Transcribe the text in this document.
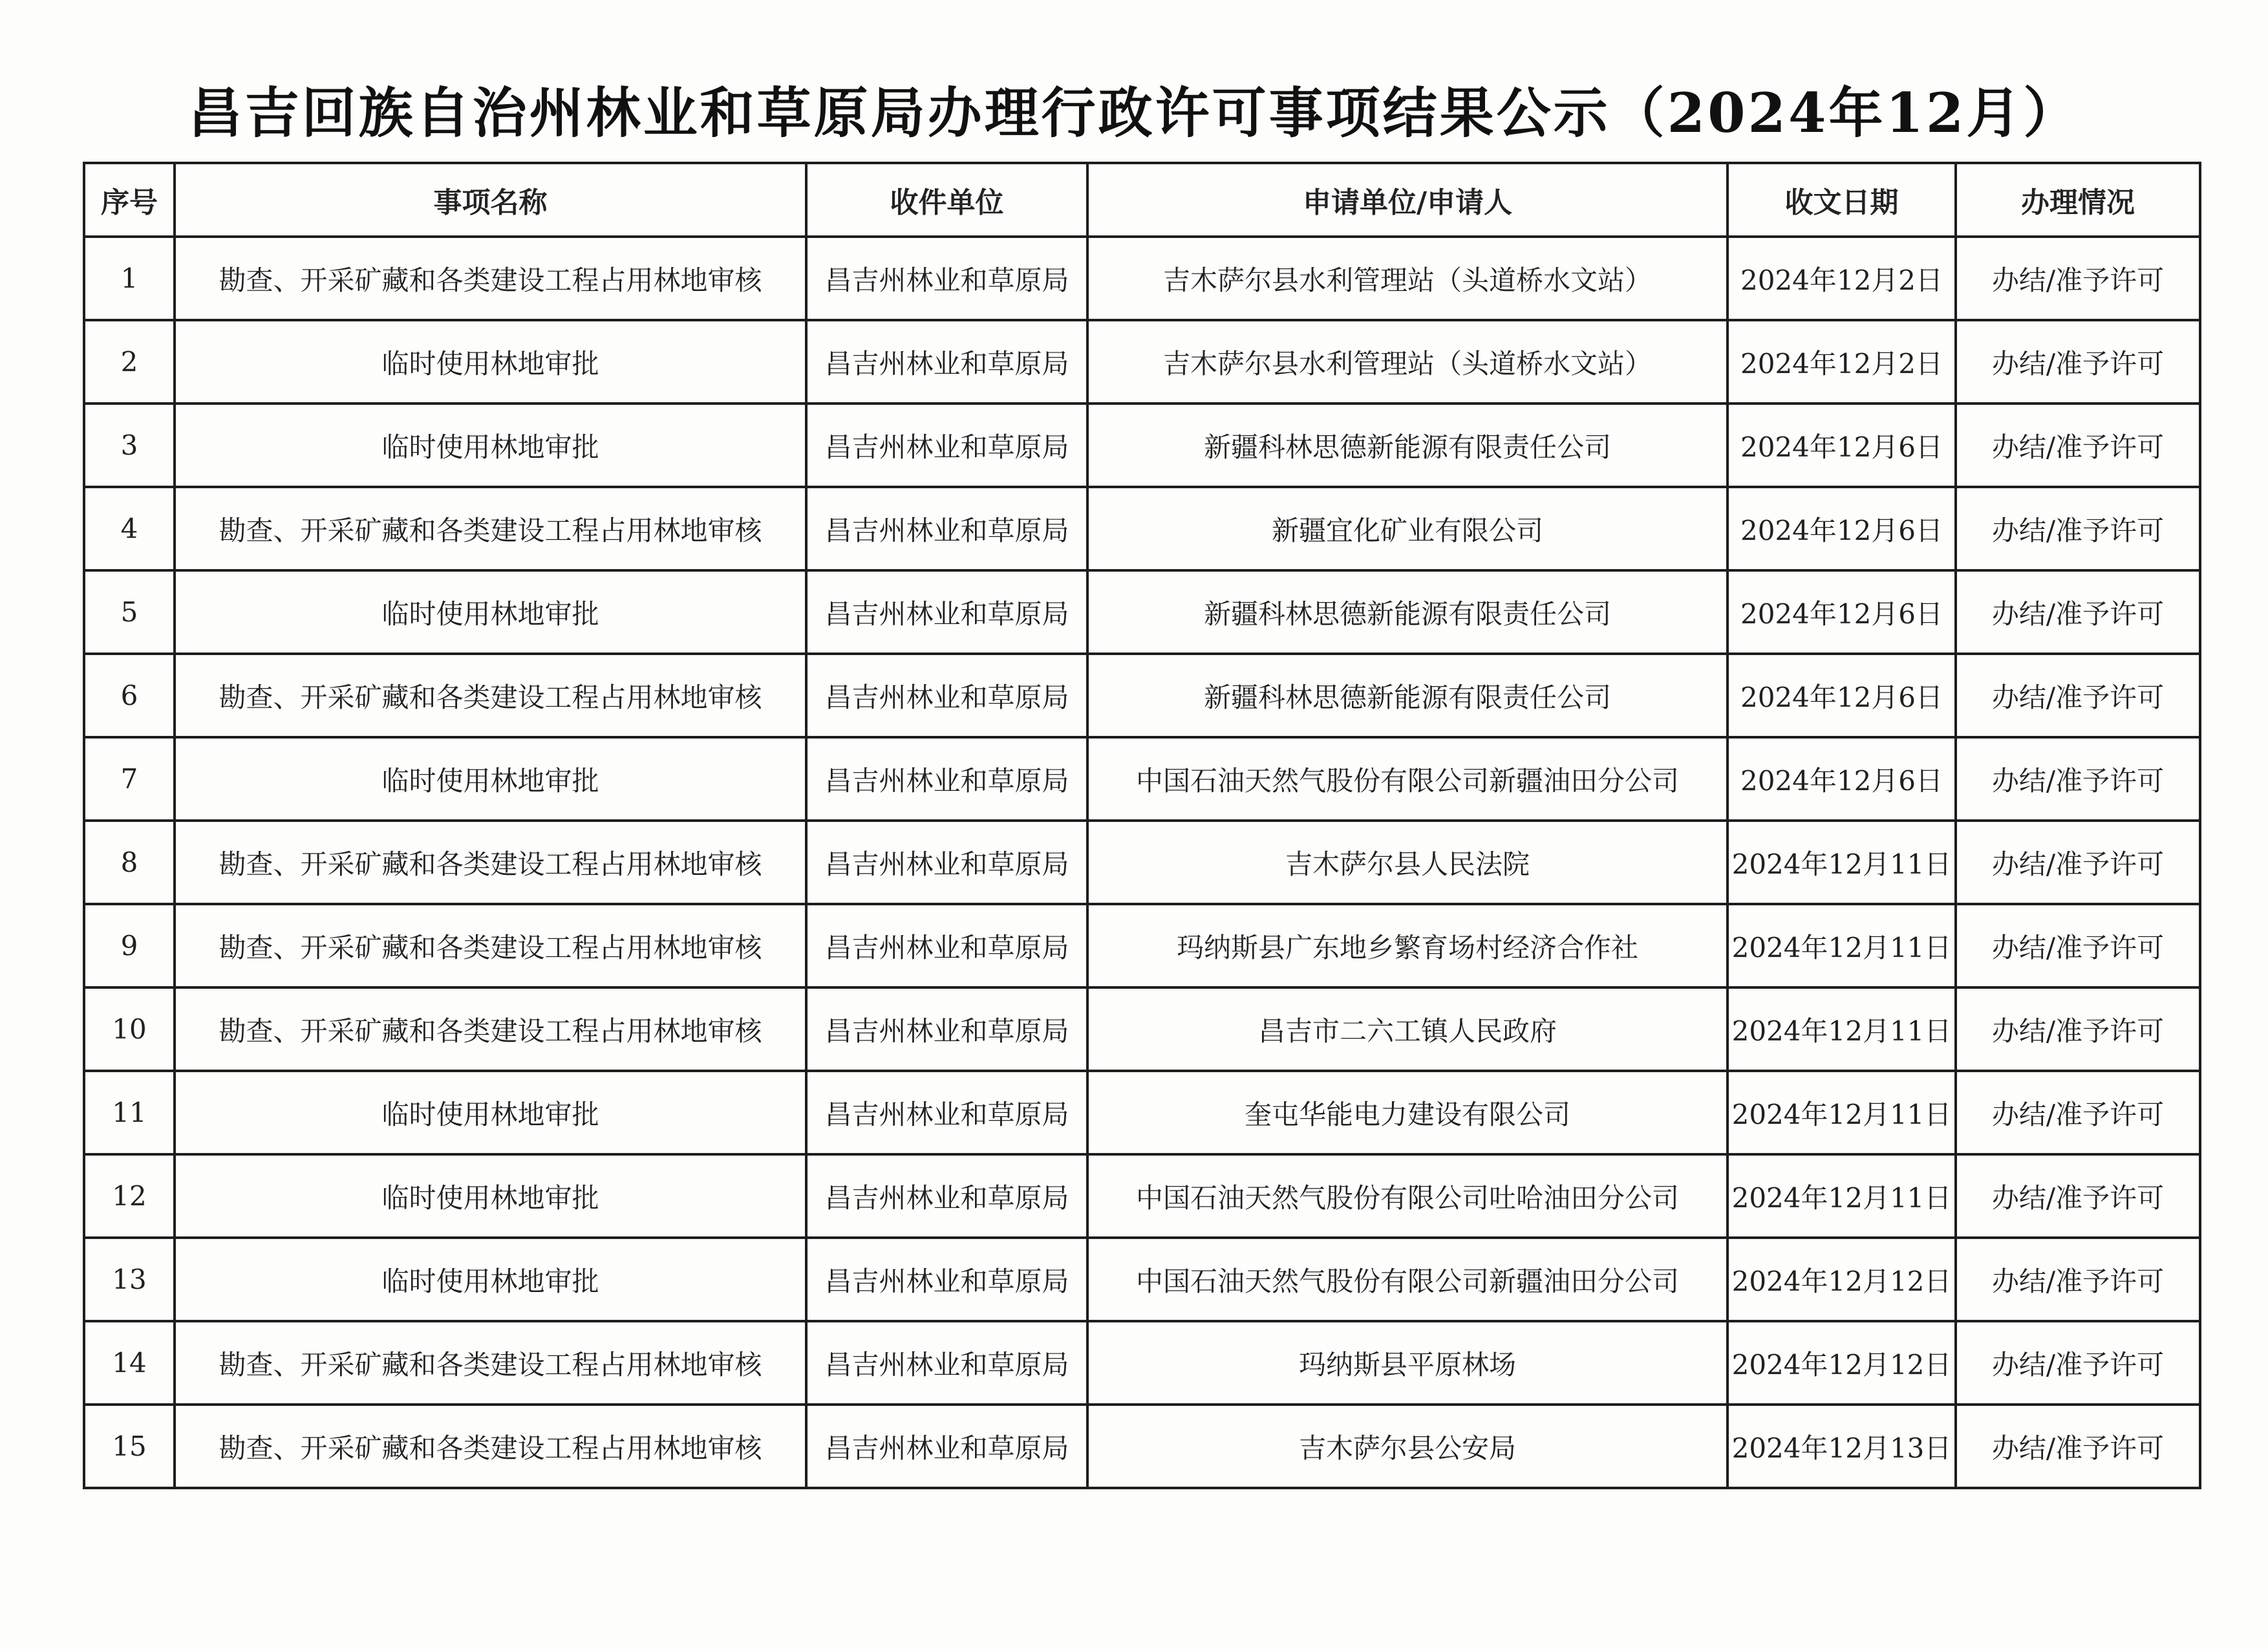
昌吉回族自治州林业和草原局办理行政许可事项结果公示（2024年12月）
序号	事项名称	收件单位	申请单位/申请人	收文日期	办理情况
1	勘查、开采矿藏和各类建设工程占用林地审核	昌吉州林业和草原局	吉木萨尔县水利管理站（头道桥水文站）	2024年12月2日	办结/准予许可
2	临时使用林地审批	昌吉州林业和草原局	吉木萨尔县水利管理站（头道桥水文站）	2024年12月2日	办结/准予许可
3	临时使用林地审批	昌吉州林业和草原局	新疆科林思德新能源有限责任公司	2024年12月6日	办结/准予许可
4	勘查、开采矿藏和各类建设工程占用林地审核	昌吉州林业和草原局	新疆宜化矿业有限公司	2024年12月6日	办结/准予许可
5	临时使用林地审批	昌吉州林业和草原局	新疆科林思德新能源有限责任公司	2024年12月6日	办结/准予许可
6	勘查、开采矿藏和各类建设工程占用林地审核	昌吉州林业和草原局	新疆科林思德新能源有限责任公司	2024年12月6日	办结/准予许可
7	临时使用林地审批	昌吉州林业和草原局	中国石油天然气股份有限公司新疆油田分公司	2024年12月6日	办结/准予许可
8	勘查、开采矿藏和各类建设工程占用林地审核	昌吉州林业和草原局	吉木萨尔县人民法院	2024年12月11日	办结/准予许可
9	勘查、开采矿藏和各类建设工程占用林地审核	昌吉州林业和草原局	玛纳斯县广东地乡繁育场村经济合作社	2024年12月11日	办结/准予许可
10	勘查、开采矿藏和各类建设工程占用林地审核	昌吉州林业和草原局	昌吉市二六工镇人民政府	2024年12月11日	办结/准予许可
11	临时使用林地审批	昌吉州林业和草原局	奎屯华能电力建设有限公司	2024年12月11日	办结/准予许可
12	临时使用林地审批	昌吉州林业和草原局	中国石油天然气股份有限公司吐哈油田分公司	2024年12月11日	办结/准予许可
13	临时使用林地审批	昌吉州林业和草原局	中国石油天然气股份有限公司新疆油田分公司	2024年12月12日	办结/准予许可
14	勘查、开采矿藏和各类建设工程占用林地审核	昌吉州林业和草原局	玛纳斯县平原林场	2024年12月12日	办结/准予许可
15	勘查、开采矿藏和各类建设工程占用林地审核	昌吉州林业和草原局	吉木萨尔县公安局	2024年12月13日	办结/准予许可
